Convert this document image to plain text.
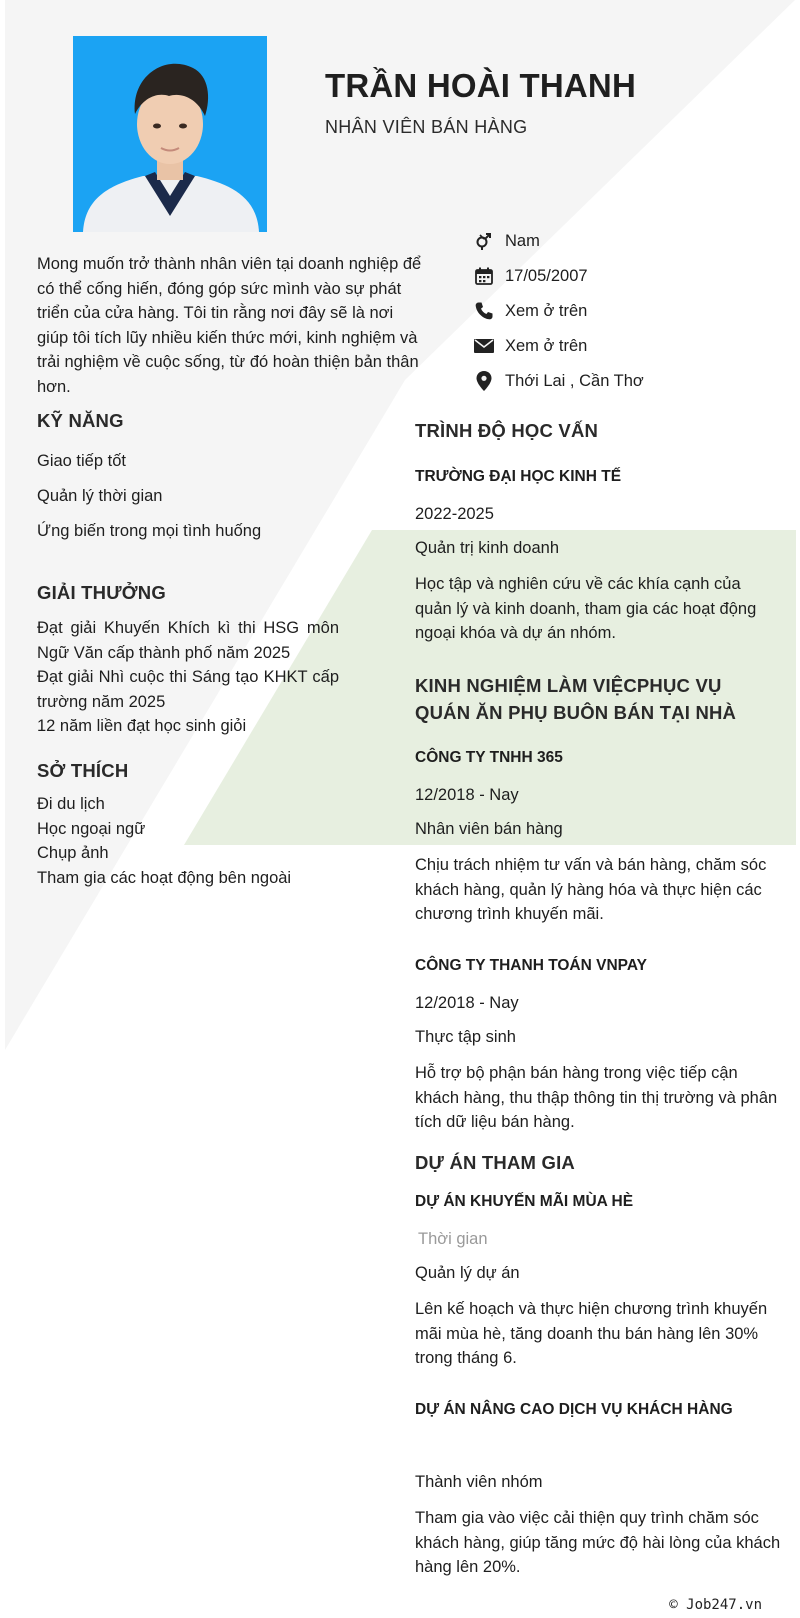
TRẦN HOÀI THANH
NHÂN VIÊN BÁN HÀNG
Mong muốn trở thành nhân viên tại doanh nghiệp để có thể cống hiến, đóng góp sức mình vào sự phát triển của cửa hàng. Tôi tin rằng nơi đây sẽ là nơi giúp tôi tích lũy nhiều kiến thức mới, kinh nghiệm và trải nghiệm về cuộc sống, từ đó hoàn thiện bản thân hơn.
Nam
17/05/2007
Xem ở trên
Xem ở trên
Thới Lai , Cần Thơ
KỸ NĂNG
Giao tiếp tốt
Quản lý thời gian
Ứng biến trong mọi tình huống
GIẢI THƯỞNG
Đạt giải Khuyến Khích kì thi HSG môn Ngữ Văn cấp thành phố năm 2025
Đạt giải Nhì cuộc thi Sáng tạo KHKT cấp trường năm 2025
12 năm liền đạt học sinh giỏi
SỞ THÍCH
Đi du lịch
Học ngoại ngữ
Chụp ảnh
Tham gia các hoạt động bên ngoài
TRÌNH ĐỘ HỌC VẤN
TRƯỜNG ĐẠI HỌC KINH TẾ
2022-2025
Quản trị kinh doanh
Học tập và nghiên cứu về các khía cạnh của quản lý và kinh doanh, tham gia các hoạt động ngoại khóa và dự án nhóm.
KINH NGHIỆM LÀM VIỆCPHỤC VỤ QUÁN ĂN PHỤ BUÔN BÁN TẠI NHÀ
CÔNG TY TNHH 365
12/2018 - Nay
Nhân viên bán hàng
Chịu trách nhiệm tư vấn và bán hàng, chăm sóc khách hàng, quản lý hàng hóa và thực hiện các chương trình khuyến mãi.
CÔNG TY THANH TOÁN VNPAY
12/2018 - Nay
Thực tập sinh
Hỗ trợ bộ phận bán hàng trong việc tiếp cận khách hàng, thu thập thông tin thị trường và phân tích dữ liệu bán hàng.
DỰ ÁN THAM GIA
DỰ ÁN KHUYẾN MÃI MÙA HÈ
Thời gian
Quản lý dự án
Lên kế hoạch và thực hiện chương trình khuyến mãi mùa hè, tăng doanh thu bán hàng lên 30% trong tháng 6.
DỰ ÁN NÂNG CAO DỊCH VỤ KHÁCH HÀNG
Thành viên nhóm
Tham gia vào việc cải thiện quy trình chăm sóc khách hàng, giúp tăng mức độ hài lòng của khách hàng lên 20%.
© Job247.vn
